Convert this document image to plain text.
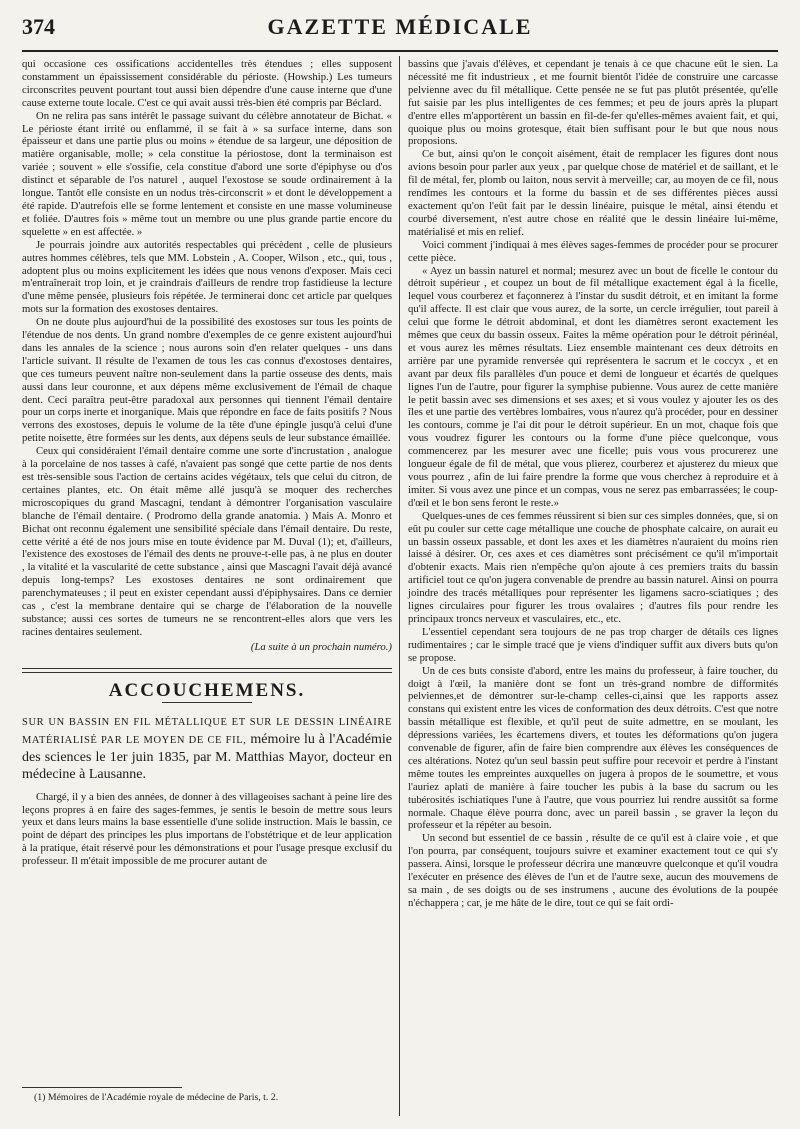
374	GAZETTE MÉDICALE

qui occasione ces ossifications accidentelles très étendues ; elles supposent constamment un épaississement considérable du périoste. (Howship.) Les tumeurs circonscrites peuvent pourtant tout aussi bien dépendre d'une cause interne que d'une cause externe toute locale. C'est ce qui avait aussi très-bien été compris par Béclard.

On ne relira pas sans intérêt le passage suivant du célèbre annotateur de Bichat. « Le périoste étant irrité ou enflammé, il se fait à » sa surface interne, dans son épaisseur et dans une partie plus ou moins » étendue de sa largeur, une déposition de matière organisable, molle; » cela constitue la périostose, dont la terminaison est variée ; souvent » elle s'ossifie, cela constitue d'abord une sorte d'épiphyse ou d'os distinct et séparable de l'os naturel , auquel l'exostose se soude ordinairement à la longue. Tantôt elle consiste en un nodus très-circonscrit » et dont le développement a été rapide. D'autrefois elle se forme lentement et consiste en une masse volumineuse et foliée. D'autres fois » même tout un membre ou une plus grande partie encore du squelette » en est affectée. »

Je pourrais joindre aux autorités respectables qui précèdent , celle de plusieurs autres hommes célèbres, tels que MM. Lobstein , A. Cooper, Wilson , etc., qui, tous , adoptent plus ou moins explicitement les idées que nous venons d'exposer. Mais ceci m'entraînerait trop loin, et je craindrais d'ailleurs de rendre trop fastidieuse la lecture d'une même pensée, plusieurs fois répétée. Je terminerai donc cet article par quelques mots sur la formation des exostoses dentaires.

On ne doute plus aujourd'hui de la possibilité des exostoses sur tous les points de l'étendue de nos dents. Un grand nombre d'exemples de ce genre existent aujourd'hui dans les annales de la science ; nous aurons soin d'en relater quelques - uns dans l'article suivant. Il résulte de l'examen de tous les cas connus d'exostoses dentaires, que ces tumeurs peuvent naître non-seulement dans la partie osseuse des dents, mais aussi dans leur couronne, et aux dépens même exclusivement de l'émail de chaque dent. Ceci paraîtra peut-être paradoxal aux personnes qui tiennent l'émail dentaire pour un corps inerte et inorganique. Mais que répondre en face de faits positifs ? Nous verrons des exostoses, depuis le volume de la tête d'une épingle jusqu'à celui d'une petite noisette, être formées sur les dents, aux dépens seuls de leur substance émaillée.

Ceux qui considéraient l'émail dentaire comme une sorte d'incrustation , analogue à la porcelaine de nos tasses à café, n'avaient pas songé que cette partie de nos dents est très-sensible sous l'action de certains acides végétaux, tels que celui du citron, de certaines plantes, etc. On était même allé jusqu'à se moquer des recherches microscopiques du grand Mascagni, tendant à démontrer l'organisation vasculaire blanche de l'émail dentaire. ( Prodromo della grande anatomia. ) Mais A. Monro et Bichat ont reconnu également une sensibilité spéciale dans l'émail dentaire. Du reste, cette vérité a été de nos jours mise en toute évidence par M. Duval (1); et, d'ailleurs, l'existence des exostoses de l'émail des dents ne prouve-t-elle pas, à ne plus en douter , la vitalité et la vascularité de cette substance , ainsi que Mascagni l'avait déjà avancé depuis long-temps? Les exostoses dentaires ne sont ordinairement que parenchymateuses ; il peut en exister cependant aussi d'épiphysaires. Dans ce dernier cas , c'est la membrane dentaire qui se charge de l'élaboration de la nouvelle substance; aussi ces sortes de tumeurs ne se rencontrent-elles alors que vers les racines dentaires seulement.

(La suite à un prochain numéro.)
ACCOUCHEMENS.
SUR UN BASSIN EN FIL MÉTALLIQUE ET SUR LE DESSIN LINÉAIRE MATÉRIALISÉ PAR LE MOYEN DE CE FIL, mémoire lu à l'Académie des sciences le 1er juin 1835, par M. Matthias Mayor, docteur en médecine à Lausanne.

Chargé, il y a bien des années, de donner à des villageoises sachant à peine lire des leçons propres à en faire des sages-femmes, je sentis le besoin de mettre sous leurs yeux et dans leurs mains la base essentielle d'une solide instruction. Mais le bassin, ce point de départ des principes les plus importans de l'obstétrique et de leur application à la pratique, était réservé pour les démonstrations et pour l'usage presque exclusif du professeur. Il m'était impossible de me procurer autant de

bassins que j'avais d'élèves, et cependant je tenais à ce que chacune eût le sien. La nécessité me fit industrieux , et me fournit bientôt l'idée de construire une carcasse pelvienne avec du fil métallique. Cette pensée ne se fut pas plutôt présentée, qu'elle fut saisie par les plus intelligentes de ces femmes; et peu de jours après la plupart d'entre elles m'apportèrent un bassin en fil-de-fer qu'elles-mêmes avaient fait, et qui, quoique plus ou moins grotesque, était bien suffisant pour le but que nous nous proposions.

Ce but, ainsi qu'on le conçoit aisément, était de remplacer les figures dont nous avions besoin pour parler aux yeux , par quelque chose de matériel et de saillant, et le fil de métal, fer, plomb ou laiton, nous servit à merveille; car, au moyen de ce fil, nous rendîmes les contours et la forme du bassin et de ses différentes pièces aussi exactement qu'on l'eût fait par le dessin linéaire, puisque le métal, ainsi étendu et courbé diversement, n'est autre chose en réalité que le dessin linéaire lui-même, matérialisé et mis en relief.

Voici comment j'indiquai à mes élèves sages-femmes de procéder pour se procurer cette pièce.

« Ayez un bassin naturel et normal; mesurez avec un bout de ficelle le contour du détroit supérieur , et coupez un bout de fil métallique exactement égal à la ficelle, lequel vous courberez et façonnerez à l'instar du susdit détroit, et en imitant la forme qu'il affecte. Il est clair que vous aurez, de la sorte, un cercle irrégulier, tout pareil à celui que forme le détroit abdominal, et dont les diamètres seront exactement les mêmes que ceux du bassin osseux. Faites la même opération pour le détroit périnéal, et vous aurez les mêmes résultats. Liez ensemble maintenant ces deux détroits en arrière par une pyramide renversée qui représentera le sacrum et le coccyx , et en avant par deux fils parallèles d'un pouce et demi de longueur et écartés de quelques lignes l'un de l'autre, pour figurer la symphise pubienne. Vous aurez de cette manière le petit bassin avec ses dimensions et ses axes; et si vous voulez y ajouter les os des îles et une partie des vertèbres lombaires, vous n'aurez qu'à procéder, pour en dessiner les contours, comme je l'ai dit pour le détroit supérieur. En un mot, chaque fois que vous voudrez figurer les contours ou la forme d'une pièce quelconque, vous commencerez par les mesurer avec une ficelle; puis vous vous procurerez une longueur égale de fil de métal, que vous plierez, courberez et ajusterez du mieux que vous pourrez , afin de lui faire prendre la forme que vous cherchez à reproduire et à imiter. Si vous avez une pince et un compas, vous ne serez pas embarrassées; le coup-d'œil et le bon sens feront le reste.»

Quelques-unes de ces femmes réussirent si bien sur ces simples données, que, si on eût pu couler sur cette cage métallique une couche de phosphate calcaire, on aurait eu un bassin osseux passable, et dont les axes et les diamètres n'auraient du moins rien laissé à désirer. Or, ces axes et ces diamètres sont précisément ce qu'il m'importait d'obtenir exacts. Mais rien n'empêche qu'on ajoute à ces premiers traits du bassin artificiel tout ce qu'on jugera convenable de prendre au bassin naturel. Ainsi on pourra joindre des tracés métalliques pour représenter les ligamens sacro-sciatiques ; des lignes circulaires pour figurer les trous ovalaires ; d'autres fils pour rendre les principaux troncs nerveux et vasculaires, etc., etc.

L'essentiel cependant sera toujours de ne pas trop charger de détails ces lignes rudimentaires ; car le simple tracé que je viens d'indiquer suffit aux divers buts qu'on se propose.

Un de ces buts consiste d'abord, entre les mains du professeur, à faire toucher, du doigt à l'œil, la manière dont se font un très-grand nombre de difformités pelviennes,et de démontrer sur-le-champ celles-ci,ainsi que les rapports assez constans qui existent entre les vices de conformation des deux détroits. C'est que notre bassin métallique est flexible, et qu'il peut de suite admettre, en se moulant, les dépressions variées, les écartemens divers, et toutes les déformations qu'on jugera convenable de figurer, afin de faire bien comprendre aux élèves les conséquences de ces altérations. Notez qu'un seul bassin peut suffire pour recevoir et perdre à l'instant même toutes les empreintes auxquelles on jugera à propos de le soumettre, et vous l'auriez aplati de manière à faire toucher les pubis à la base du sacrum ou les tubérosités ischiatiques l'une à l'autre, que vous pourriez lui rendre aussitôt sa forme normale. Chaque élève pourra donc, avec un pareil bassin , se graver la leçon du professeur et la répéter au besoin.

Un second but essentiel de ce bassin , résulte de ce qu'il est à claire voie , et que l'on pourra, par conséquent, toujours suivre et examiner exactement tout ce qui s'y passera. Ainsi, lorsque le professeur décrira une manœuvre quelconque et qu'il voudra l'exécuter en présence des élèves de l'un et de l'autre sexe, aucun des mouvemens de sa main , de ses doigts ou de ses instrumens , aucune des évolutions de la poupée n'échappera ; car, je me hâte de le dire, tout ce qui se fait ordi-

(1) Mémoires de l'Académie royale de médecine de Paris, t. 2.
